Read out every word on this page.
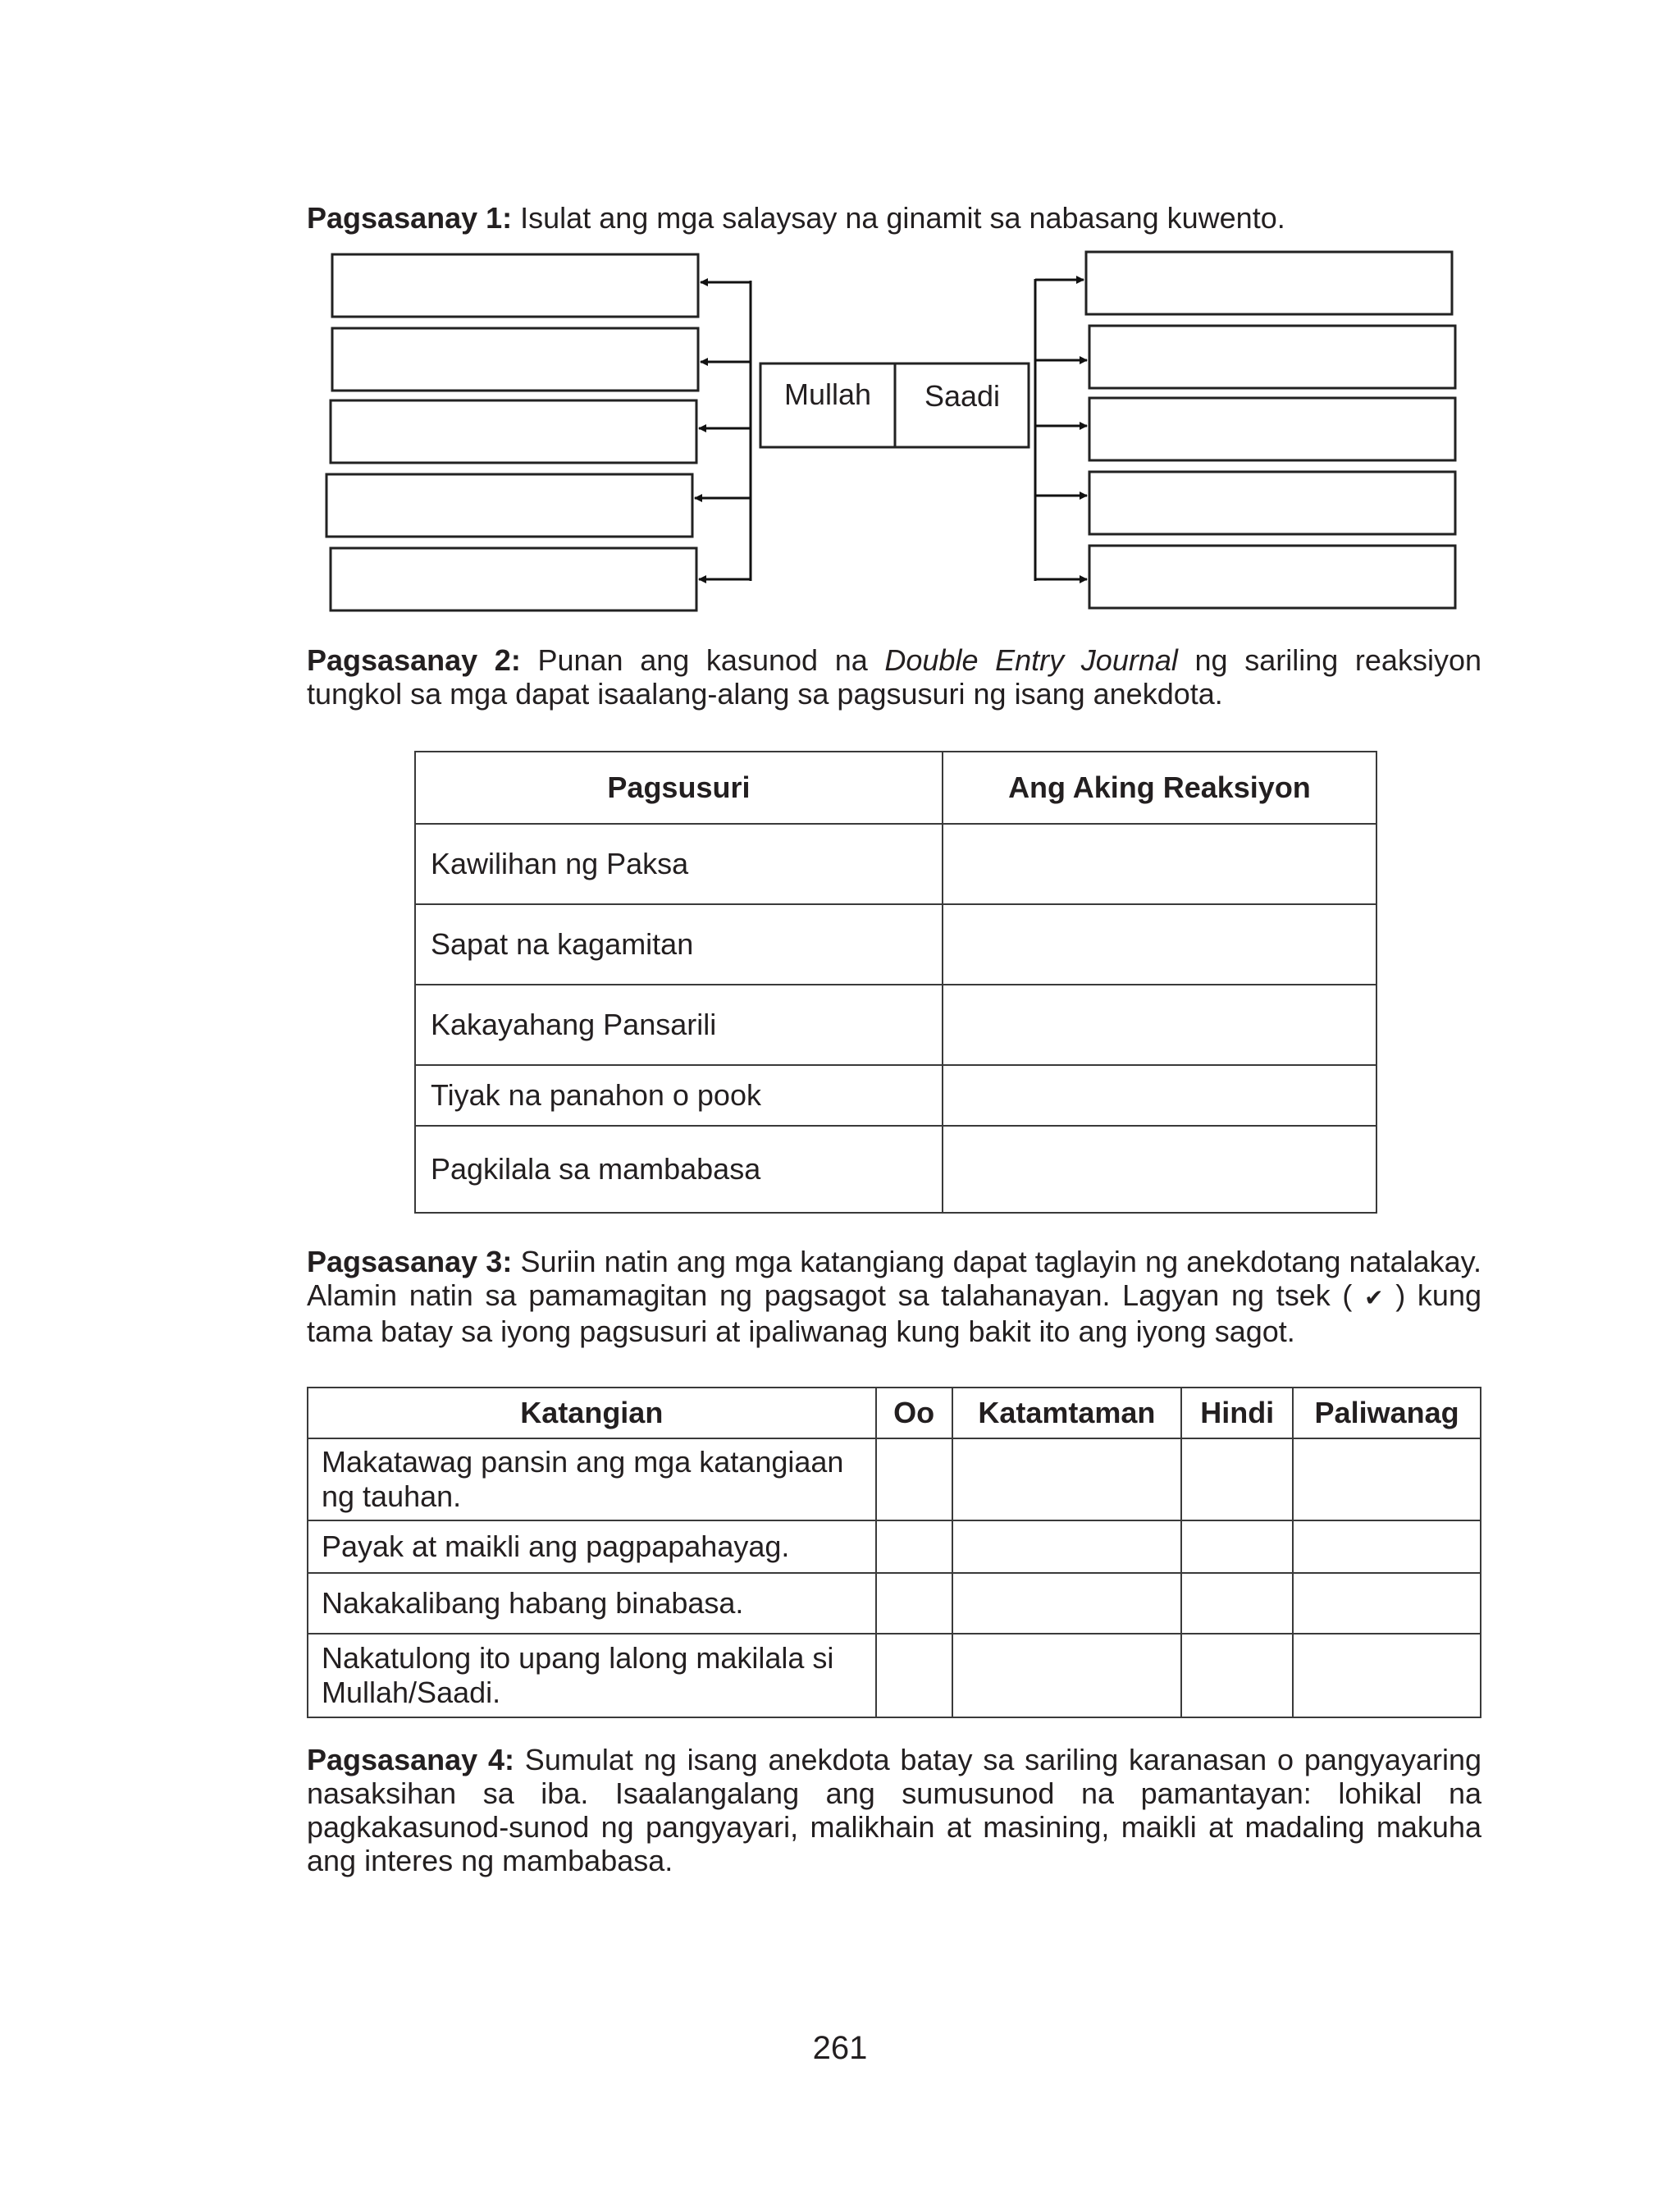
Pagsasanay 1: Isulat ang mga salaysay na ginamit sa nabasang kuwento.

Mullah Saadi

Pagsasanay 2: Punan ang kasunod na Double Entry Journal ng sariling reaksiyon tungkol sa mga dapat isaalang-alang sa pagsusuri ng isang anekdota.

Pagsusuri	Ang Aking Reaksiyon
Kawilihan ng Paksa	
Sapat na kagamitan	
Kakayahang Pansarili	
Tiyak na panahon o pook	
Pagkilala sa mambabasa	

Pagsasanay 3: Suriin natin ang mga katangiang dapat taglayin ng anekdotang natalakay. Alamin natin sa pamamagitan ng pagsagot sa talahanayan. Lagyan ng tsek ( ✔ ) kung tama batay sa iyong pagsusuri at ipaliwanag kung bakit ito ang iyong sagot.

Katangian	Oo	Katamtaman	Hindi	Paliwanag
Makatawag pansin ang mga katangiaan ng tauhan.				
Payak at maikli ang pagpapahayag.				
Nakakalibang habang binabasa.				
Nakatulong ito upang lalong makilala si Mullah/Saadi.				

Pagsasanay 4: Sumulat ng isang anekdota batay sa sariling karanasan o pangyayaring nasaksihan sa iba. Isaalangalang ang sumusunod na pamantayan: lohikal na pagkakasunod-sunod ng pangyayari, malikhain at masining, maikli at madaling makuha ang interes ng mambabasa.

261
